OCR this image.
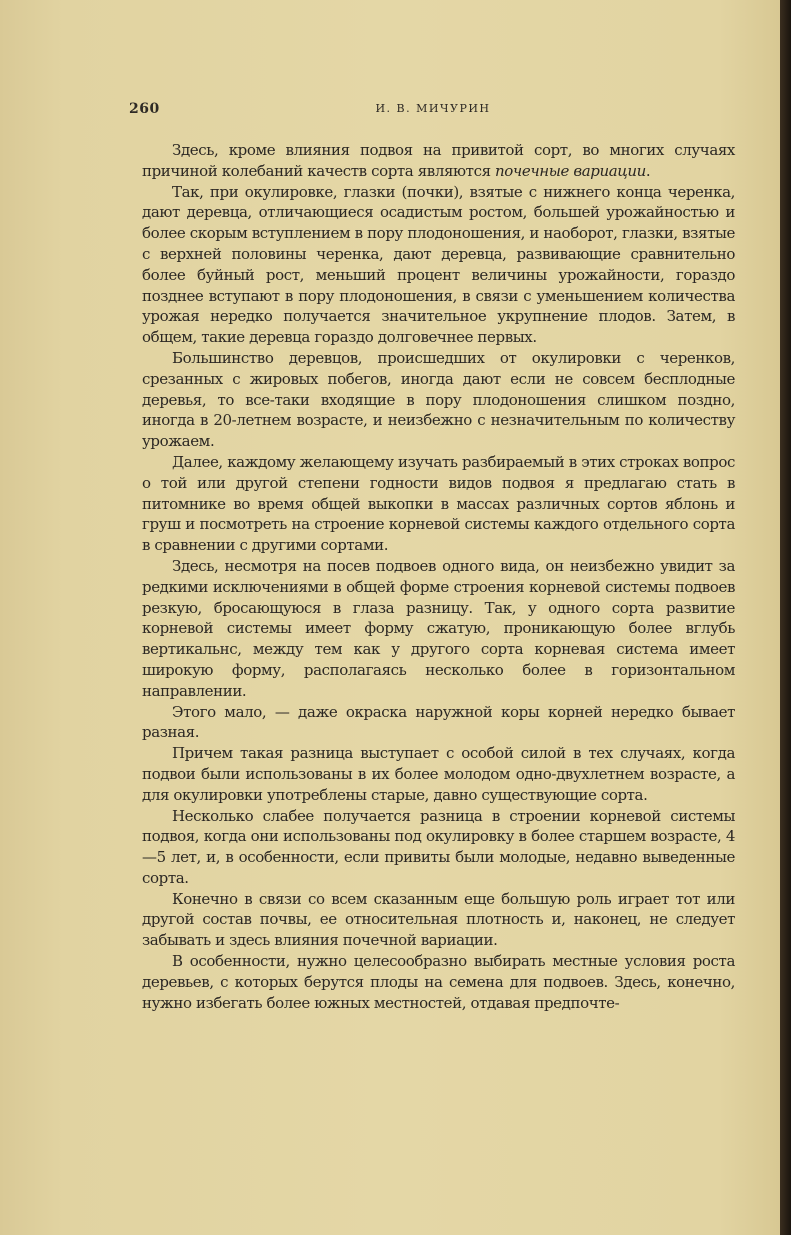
260	И. В. МИЧУРИН

Здесь, кроме влияния подвоя на привитой сорт, во многих случаях причиной колебаний качеств сорта являются почечные вариации.

Так, при окулировке, глазки (почки), взятые с нижнего конца черенка, дают деревца, отличающиеся осадистым ростом, большей урожайностью и более скорым вступлением в пору плодоношения, и наоборот, глазки, взятые с верхней половины черенка, дают деревца, развивающие сравнительно более буйный рост, меньший процент величины урожайности, гораздо позднее вступают в пору плодоношения, в связи с уменьшением количества урожая нередко получается значительное укрупнение плодов. Затем, в общем, такие деревца гораздо долговечнее первых.

Большинство деревцов, происшедших от окулировки с черенков, срезанных с жировых побегов, иногда дают если не совсем бесплодные деревья, то все-таки входящие в пору плодоношения слишком поздно, иногда в 20-летнем возрасте, и неизбежно с незначительным по количеству урожаем.

Далее, каждому желающему изучать разбираемый в этих строках вопрос о той или другой степени годности видов подвоя я предлагаю стать в питомнике во время общей выкопки в массах различных сортов яблонь и груш и посмотреть на строение корневой системы каждого отдельного сорта в сравнении с другими сортами.

Здесь, несмотря на посев подвоев одного вида, он неизбежно увидит за редкими исключениями в общей форме строения корневой системы подвоев резкую, бросающуюся в глаза разницу. Так, у одного сорта развитие корневой системы имеет форму сжатую, проникающую более вглубь вертикальнс, между тем как у другого сорта корневая система имеет широкую форму, располагаясь несколько более в горизонтальном направлении.

Этого мало, — даже окраска наружной коры корней нередко бывает разная.

Причем такая разница выступает с особой силой в тех случаях, когда подвои были использованы в их более молодом одно-двухлетнем возрасте, а для окулировки употреблены старые, давно существующие сорта.

Несколько слабее получается разница в строении корневой системы подвоя, когда они использованы под окулировку в более старшем возрасте, 4—5 лет, и, в особенности, если привиты были молодые, недавно выведенные сорта.

Конечно в связи со всем сказанным еще большую роль играет тот или другой состав почвы, ее относительная плотность и, наконец, не следует забывать и здесь влияния почечной вариации.

В особенности, нужно целесообразно выбирать местные условия роста деревьев, с которых берутся плоды на семена для подвоев. Здесь, конечно, нужно избегать более южных местностей, отдавая предпочте-
